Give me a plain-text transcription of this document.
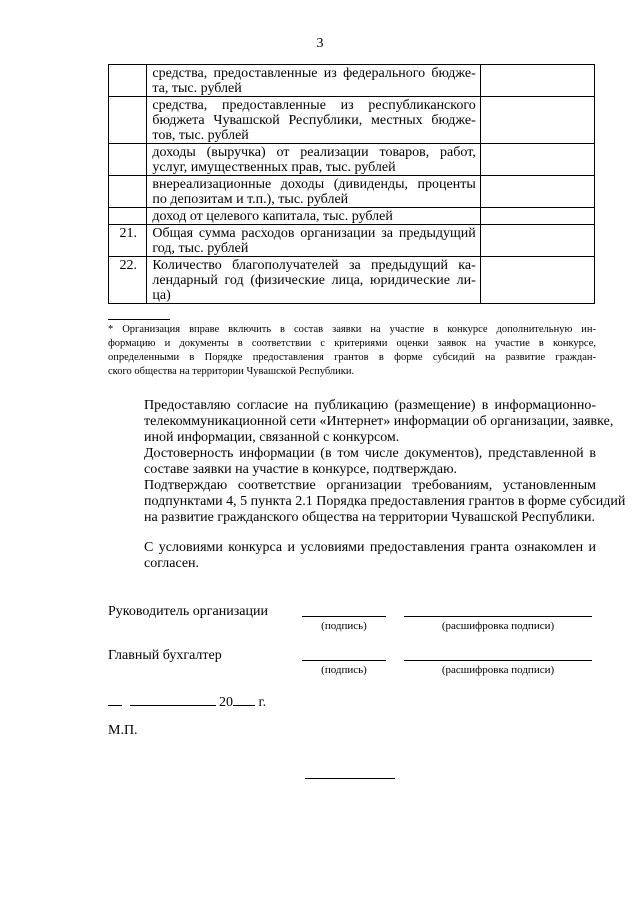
3

	средства, предоставленные из федерального бюдже-
та, тыс. рублей	

	средства, предоставленные из республиканского
бюджета Чувашской Республики, местных бюдже-
тов, тыс. рублей	

	доходы (выручка) от реализации товаров, работ,
услуг, имущественных прав, тыс. рублей	

	внереализационные доходы (дивиденды, проценты
по депозитам и т.п.), тыс. рублей	

	доход от целевого капитала, тыс. рублей	

21.	Общая сумма расходов организации за предыдущий
год, тыс. рублей	

22.	Количество благополучателей за предыдущий ка-
лендарный год (физические лица, юридические ли-
ца)	

* Организация вправе включить в состав заявки на участие в конкурсе дополнительную ин-
формацию и документы в соответствии с критериями оценки заявок на участие в конкурсе,
определенными в Порядке предоставления грантов в форме субсидий на развитие граждан-
ского общества на территории Чувашской Республики.
Предоставляю согласие на публикацию (размещение) в информационно-
телекоммуникационной сети «Интернет» информации об организации, заявке,
иной информации, связанной с конкурсом.
Достоверность информации (в том числе документов), представленной в
составе заявки на участие в конкурсе, подтверждаю.
Подтверждаю соответствие организации требованиям, установленным
подпунктами 4, 5 пункта 2.1 Порядка предоставления грантов в форме субсидий
на развитие гражданского общества на территории Чувашской Республики.
С условиями конкурса и условиями предоставления гранта ознакомлен и
согласен.
Руководитель организации
(подпись)	(расшифровка подписи)
Главный бухгалтер
(подпись)	(расшифровка подписи)
20 г.
М.П.
